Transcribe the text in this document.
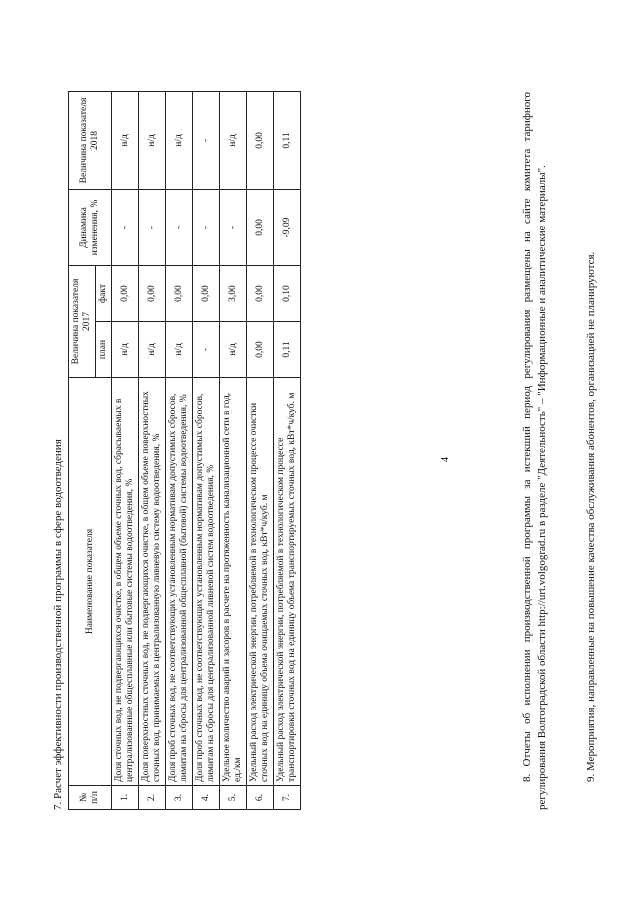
4
7. Расчет эффективности производственной программы в сфере водоотведения № п/п	Наименование показателя	Величина показателя 2017		Динамика изменения, %	Величина показателя 2018
		план	факт		
1.	Доля сточных вод, не подвергающихся очистке, в общем объеме сточных вод, сбрасываемых в централизованные общесплавные или бытовые системы водоотведения, %	н/д	0,00	-	н/д
2.	Доля поверхностных сточных вод, не подвергающихся очистке, в общем объеме поверхностных сточных вод, принимаемых в централизованную ливневую систему водоотведения, %	н/д	0,00	-	н/д
3.	Доля проб сточных вод, не соответствующих установленным нормативам допустимых сбросов, лимитам на сбросы для централизованной общесплавной (бытовой) системы водоотведения, %	н/д	0,00	-	н/д
4.	Доля проб сточных вод, не соответствующих установленным нормативам допустимых сбросов, лимитам на сбросы для централизованной ливневой систем водоотведения, %	-	0,00	-	-
5.	Удельное количество аварий и засоров в расчете на протяженность канализационной сети в год, ед./км	н/д	3,00	-	н/д
6.	Удельный расход электрической энергии, потребляемой в технологическом процессе очистки сточных вод на единицу объема очищаемых сточных вод, кВт*ч/куб. м	0,00	0,00	0,00	0,00
7.	Удельный расход электрической энергии, потребляемой в технологическом процессе транспортировки сточных вод на единицу объема транспортируемых сточных вод, кВт*ч/куб. м	0,11	0,10	-9,09	0,11	8. Отчеты об исполнении производственной программы за истекший период регулирования размещены на сайте комитета тарифного регулирования Волгоградской области http://urt.volgograd.ru в разделе "Деятельность" – "Информационные и аналитические материалы".	9. Мероприятия, направленные на повышение качества обслуживания абонентов, организацией не планируются.
